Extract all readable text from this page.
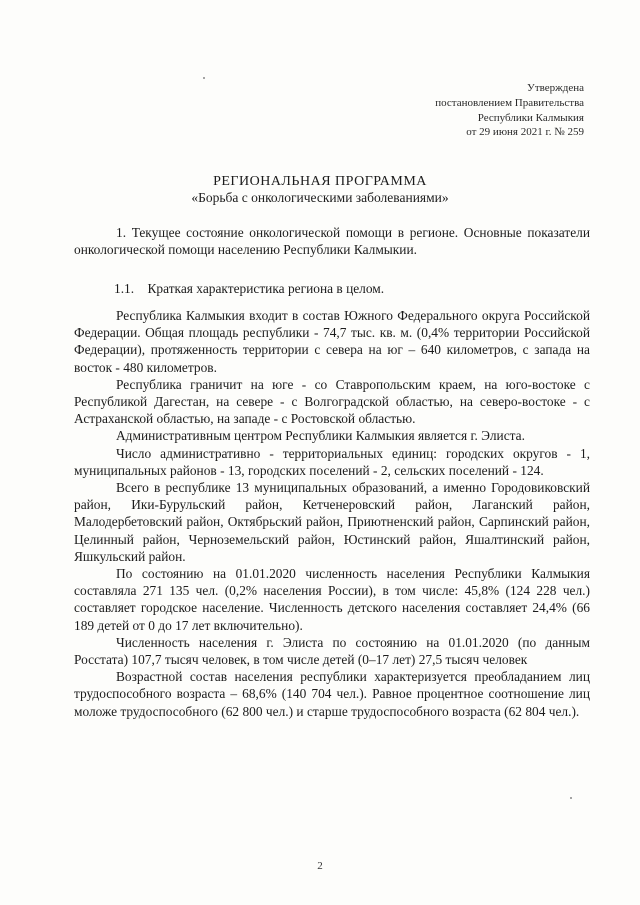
Утверждена
постановлением Правительства
Республики Калмыкия
от 29 июня 2021 г. № 259
РЕГИОНАЛЬНАЯ ПРОГРАММА
«Борьба с онкологическими заболеваниями»

1. Текущее состояние онкологической помощи в регионе. Основные показатели онкологической помощи населению Республики Калмыкии.

1.1.    Краткая характеристика региона в целом.

Республика Калмыкия входит в состав Южного Федерального округа Российской Федерации. Общая площадь республики - 74,7 тыс. кв. м. (0,4% территории Российской Федерации), протяженность территории с севера на юг – 640 километров, с запада на восток - 480 километров.

Республика граничит на юге - со Ставропольским краем, на юго-востоке с Республикой Дагестан, на севере - с Волгоградской областью, на северо-востоке - с Астраханской областью, на западе - с Ростовской областью.

Административным центром Республики Калмыкия является г. Элиста.

Число административно - территориальных единиц: городских округов - 1, муниципальных районов - 13, городских поселений - 2, сельских поселений - 124.

Всего в республике 13 муниципальных образований, а именно Городовиковский район, Ики-Бурульский район, Кетченеровский район, Лаганский район, Малодербетовский район, Октябрьский район, Приютненский район, Сарпинский район, Целинный район, Черноземельский район, Юстинский район, Яшалтинский район, Яшкульский район.

По состоянию на 01.01.2020 численность населения Республики Калмыкия составляла 271 135 чел. (0,2% населения России), в том числе: 45,8% (124 228 чел.) составляет городское население. Численность детского населения составляет 24,4% (66 189 детей от 0 до 17 лет включительно).

Численность населения г. Элиста по состоянию на 01.01.2020 (по данным Росстата) 107,7 тысяч человек, в том числе детей (0–17 лет) 27,5 тысяч человек

Возрастной состав населения республики характеризуется преобладанием лиц трудоспособного возраста – 68,6% (140 704 чел.). Равное процентное соотношение лиц моложе трудоспособного (62 800 чел.) и старше трудоспособного возраста (62 804 чел.).

2
